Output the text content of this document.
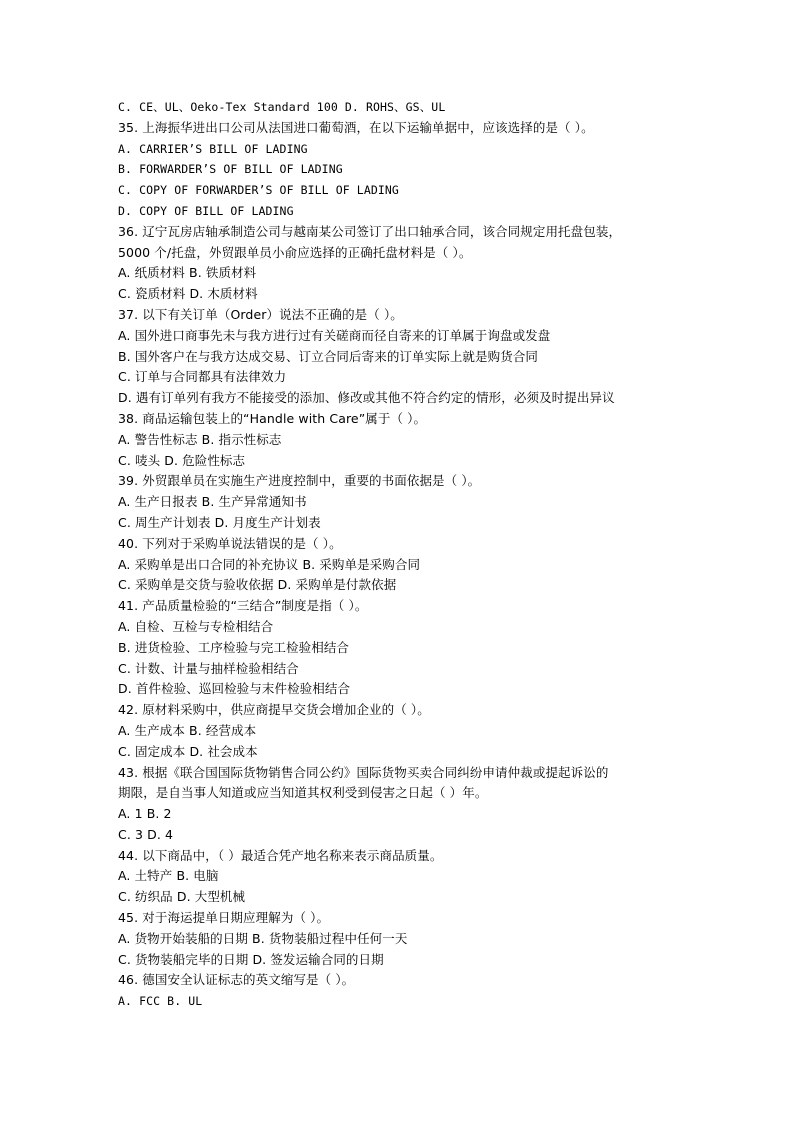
C. CE、UL、Oeko-Tex Standard 100 D. ROHS、GS、UL
35. 上海振华进出口公司从法国进口葡萄酒，在以下运输单据中，应该选择的是（ ）。
A. CARRIER’S BILL OF LADING
B. FORWARDER’S OF BILL OF LADING
C. COPY OF FORWARDER’S OF BILL OF LADING
D. COPY OF BILL OF LADING
36. 辽宁瓦房店轴承制造公司与越南某公司签订了出口轴承合同，该合同规定用托盘包装，
5000 个/托盘，外贸跟单员小俞应选择的正确托盘材料是（ ）。
A. 纸质材料 B. 铁质材料
C. 瓷质材料 D. 木质材料
37. 以下有关订单（Order）说法不正确的是（ ）。
A. 国外进口商事先未与我方进行过有关磋商而径自寄来的订单属于询盘或发盘
B. 国外客户在与我方达成交易、订立合同后寄来的订单实际上就是购货合同
C. 订单与合同都具有法律效力
D. 遇有订单列有我方不能接受的添加、修改或其他不符合约定的情形，必须及时提出异议
38. 商品运输包装上的“Handle with Care”属于（ ）。
A. 警告性标志 B. 指示性标志
C. 唛头 D. 危险性标志
39. 外贸跟单员在实施生产进度控制中，重要的书面依据是（ ）。
A. 生产日报表 B. 生产异常通知书
C. 周生产计划表 D. 月度生产计划表
40. 下列对于采购单说法错误的是（ ）。
A. 采购单是出口合同的补充协议 B. 采购单是采购合同
C. 采购单是交货与验收依据 D. 采购单是付款依据
41. 产品质量检验的“三结合”制度是指（ ）。
A. 自检、互检与专检相结合
B. 进货检验、工序检验与完工检验相结合
C. 计数、计量与抽样检验相结合
D. 首件检验、巡回检验与末件检验相结合
42. 原材料采购中，供应商提早交货会增加企业的（ ）。
A. 生产成本 B. 经营成本
C. 固定成本 D. 社会成本
43. 根据《联合国国际货物销售合同公约》国际货物买卖合同纠纷申请仲裁或提起诉讼的
期限，是自当事人知道或应当知道其权利受到侵害之日起（ ）年。
A. 1 B. 2
C. 3 D. 4
44. 以下商品中，（ ）最适合凭产地名称来表示商品质量。
A. 土特产 B. 电脑
C. 纺织品 D. 大型机械
45. 对于海运提单日期应理解为（ ）。
A. 货物开始装船的日期 B. 货物装船过程中任何一天
C. 货物装船完毕的日期 D. 签发运输合同的日期
46. 德国安全认证标志的英文缩写是（ ）。
A. FCC B. UL
